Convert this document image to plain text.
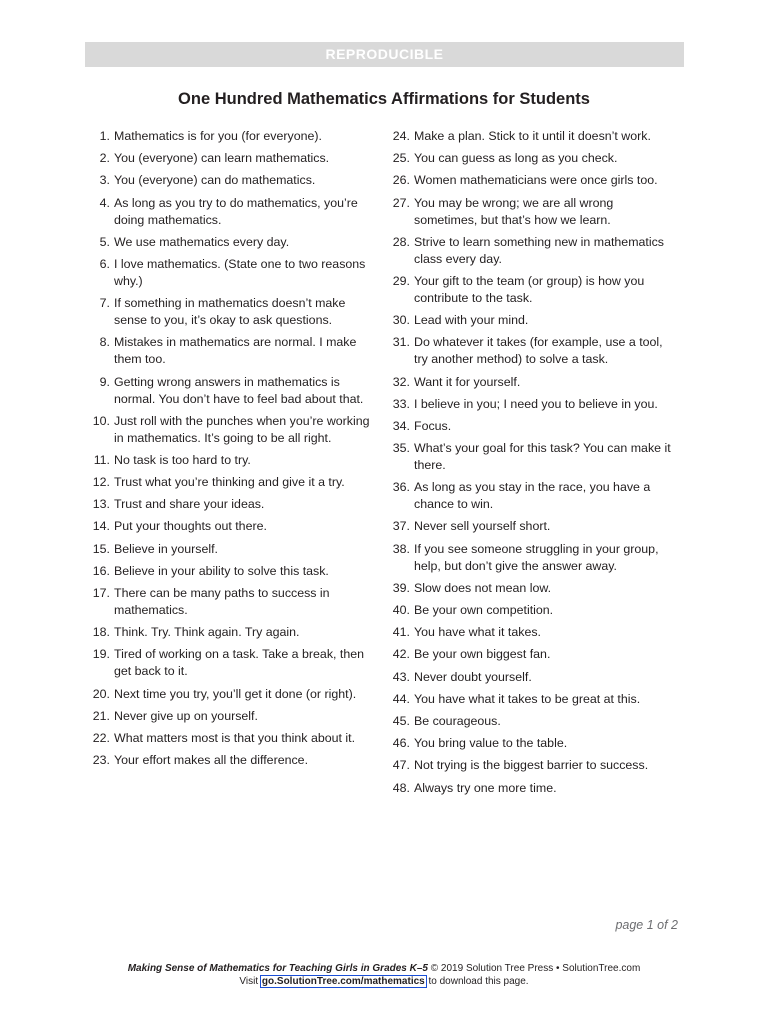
REPRODUCIBLE
One Hundred Mathematics Affirmations for Students
1. Mathematics is for you (for everyone).
2. You (everyone) can learn mathematics.
3. You (everyone) can do mathematics.
4. As long as you try to do mathematics, you’re doing mathematics.
5. We use mathematics every day.
6. I love mathematics. (State one to two reasons why.)
7. If something in mathematics doesn’t make sense to you, it’s okay to ask questions.
8. Mistakes in mathematics are normal. I make them too.
9. Getting wrong answers in mathematics is normal. You don’t have to feel bad about that.
10. Just roll with the punches when you’re working in mathematics. It’s going to be all right.
11. No task is too hard to try.
12. Trust what you’re thinking and give it a try.
13. Trust and share your ideas.
14. Put your thoughts out there.
15. Believe in yourself.
16. Believe in your ability to solve this task.
17. There can be many paths to success in mathematics.
18. Think. Try. Think again. Try again.
19. Tired of working on a task. Take a break, then get back to it.
20. Next time you try, you’ll get it done (or right).
21. Never give up on yourself.
22. What matters most is that you think about it.
23. Your effort makes all the difference.
24. Make a plan. Stick to it until it doesn’t work.
25. You can guess as long as you check.
26. Women mathematicians were once girls too.
27. You may be wrong; we are all wrong sometimes, but that’s how we learn.
28. Strive to learn something new in mathematics class every day.
29. Your gift to the team (or group) is how you contribute to the task.
30. Lead with your mind.
31. Do whatever it takes (for example, use a tool, try another method) to solve a task.
32. Want it for yourself.
33. I believe in you; I need you to believe in you.
34. Focus.
35. What’s your goal for this task? You can make it there.
36. As long as you stay in the race, you have a chance to win.
37. Never sell yourself short.
38. If you see someone struggling in your group, help, but don’t give the answer away.
39. Slow does not mean low.
40. Be your own competition.
41. You have what it takes.
42. Be your own biggest fan.
43. Never doubt yourself.
44. You have what it takes to be great at this.
45. Be courageous.
46. You bring value to the table.
47. Not trying is the biggest barrier to success.
48. Always try one more time.
page 1 of 2
Making Sense of Mathematics for Teaching Girls in Grades K–5 © 2019 Solution Tree Press • SolutionTree.com
Visit go.SolutionTree.com/mathematics to download this page.
